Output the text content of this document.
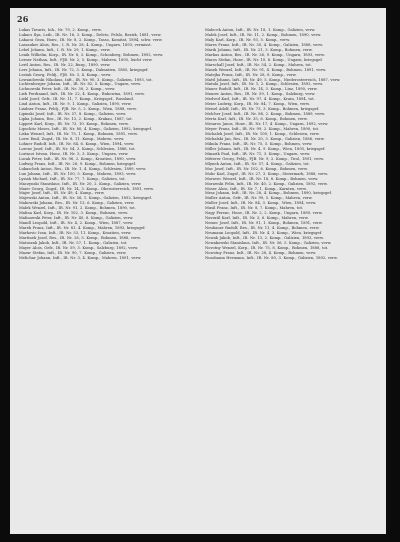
26

Lukas Tavaris, Inh., Nr. 79, 2. Komp., verw.

Lukacs Ilya, Lstb., IR. Nr. 16, 3. Komp., Deleto, Felslo, Bezirk, 1881, verw.

Lakacsi Geza, Honv., IR. Nr. 8, 2. Komp., Tasso, Komitat, 1894, schw. verw.

Lassauker Alois, Res., I. R. Nr. 28, 4. Komp., Ungarn, 1893, vermisst.

Lebel Johann, Inft., I. R. Nr. 29, 1. Komp., verw.

Lenik Wilhelm, Korp., IR. Nr. 8, 3. Komp., Schonberg, Bohmen, 1892, verw.

Lerner Nathan, Inft., FJB. Nr. 2, 5. Komp., Mahren, 1893, leicht verw.

Lertl Anton, Res., IR. Nr. 22, Burg., 1890, verw.

Lerz Johann, Inft., IR. Nr. 72, 3. Komp., Dalmatien, 1885, kriegsgef.

Lestak Georg, Feldj., FJB. Nr. 3, 4. Komp., verw.

Lewandowski Nikolaus, Inft., IR. Nr. 90, 3. Komp., Galizien, 1893, tot.

Lichtenberger Johann, Inft., IR. Nr. 82, 5. Komp., Ungarn, verw.

Lichnowski Peter, Inft., IR. Nr. 30, 2. Komp., verw.

Lieb Ferdinand, Inft., IR. Nr. 22, 4. Komp., Bukowina, 1891, verw.

Liebl Josef, Gefr., IR. Nr. 11, 7. Komp., Kriegsgef., Russland.

Lind Anton, Inft., IR. Nr. 9, 1. Komp., Galizien, 1890, verw.

Lindner Franz, Feldj., FJB. Nr. 5, 2. Komp., Wien, 1888, verw.

Lipinski Josef, Inft., IR. Nr. 57, 8. Komp., Galizien, verw.

Lipka Johann, Res., IR. Nr. 13, 2. Komp., Krakau, 1887, tot.

Lippert Karl, Korp., IR. Nr. 73, 10. Komp., Bohmen, verw.

Lipschitz Moses, Inft., IR. Nr. 80, 4. Komp., Galizien, 1892, kriegsgef.

Liska Wenzel, Inft., IR. Nr. 75, 1. Komp., Bohmen, 1891, verw.

Loew Emil, Zugsf., IR. Nr. 8, 11. Komp., Mahren, verw.

Lohner Rudolf, Inft., IR. Nr. 84, 6. Komp., Wien, 1894, verw.

Lorenz Josef, Inft., IR. Nr. 54, 3. Komp., Schlesien, 1886, tot.

Lorinczi Istvan, Honv., IR. Nr. 5, 3. Komp., Ungarn, verw.

Lucak Peter, Inft., IR. Nr. 96, 2. Komp., Kroatien, 1890, verw.

Ludwig Franz, Inft., IR. Nr. 28, 9. Komp., Bohmen, kriegsgef.

Lukaschek Anton, Res., IR. Nr. 1, 4. Komp., Schlesien, 1889, verw.

Lux Johann, Inft., IR. Nr. 100, 5. Komp., Mahren, 1893, verw.

Lysiak Michael, Inft., IR. Nr. 77, 7. Komp., Galizien, tot.

Maczynski Stanislaus, Inft., IR. Nr. 20, 2. Komp., Galizien, verw.

Maier Georg, Zugsf., IR. Nr. 14, 3. Komp., Oberosterreich, 1891, verw.

Majer Josef, Inft., IR. Nr. 49, 4. Komp., verw.

Majewski Anton, Inft., IR. Nr. 56, 1. Komp., Galizien, 1892, kriegsgef.

Makowski Johann, Res., IR. Nr. 13, 6. Komp., Galizien, verw.

Malek Wenzel, Inft., IR. Nr. 91, 2. Komp., Bohmen, 1890, tot.

Malina Karl, Korp., IR. Nr. 102, 3. Komp., Bohmen, verw.

Malinowski Peter, Inft., IR. Nr. 40, 8. Komp., Galizien, verw.

Mandl Leopold, Inft., IR. Nr. 4, 2. Komp., Wien, 1887, verw.

Marek Franz, Inft., IR. Nr. 81, 4. Komp., Mahren, 1893, kriegsgef.

Markovic Ivan, Inft., IR. Nr. 53, 11. Komp., Kroatien, verw.

Martinek Josef, Res., IR. Nr. 28, 5. Komp., Bohmen, 1888, verw.

Matuszak Jakob, Inft., IR. Nr. 57, 1. Komp., Galizien, tot.

Mayer Alois, Gefr., IR. Nr. 59, 3. Komp., Salzburg, 1892, verw.

Mazur Stefan, Inft., IR. Nr. 90, 7. Komp., Galizien, verw.

Melichar Johann, Inft., IR. Nr. 3, 4. Komp., Mahren, 1891, verw.

Malecek Anton, Inft., IR. Nr. 18, 1. Komp., Galizien, verw.

Malek Josef, Inft., IR. Nr. 11, 2. Komp., Bohmen, 1890, verw.

Maly Karl, Korp., IR. Nr. 93, 5. Komp., verw.

Mares Franz, Inft., IR. Nr. 30, 4. Komp., Galizien, 1888, verw.

Marik Johann, Inft., IR. Nr. 21, 3. Komp., Bohmen, verw.

Markus Anton, Res., IR. Nr. 26, 9. Komp., Ungarn, 1893, verw.

Maros Stefan, Honv., IR. Nr. 10, 6. Komp., Ungarn, kriegsgef.

Marschall Josef, Inft., IR. Nr. 54, 2. Komp., Mahren, tot.

Masek Wenzel, Inft., IR. Nr. 91, 4. Komp., Bohmen, 1891, verw.

Matejka Franz, Inft., IR. Nr. 28, 8. Komp., verw.

Mattl Johann, Inft., IR. Nr. 49, 5. Komp., Niederosterreich, 1887, verw.

Matula Josef, Inft., IR. Nr. 1, 2. Komp., Schlesien, 1892, verw.

Mauer Rudolf, Inft., IR. Nr. 14, 3. Komp., Linz, 1890, verw.

Maurer Anton, Res., IR. Nr. 59, 1. Komp., Salzburg, verw.

Medved Karl, Inft., IR. Nr. 97, 4. Komp., Krain, 1894, tot.

Meier Ludwig, Korp., IR. Nr. 84, 7. Komp., Wien, verw.

Meisel Adolf, Inft., IR. Nr. 73, 3. Komp., Bohmen, kriegsgef.

Melcher Josef, Inft., IR. Nr. 88, 2. Komp., Bohmen, 1889, verw.

Merta Karl, Inft., IR. Nr. 35, 6. Komp., Bohmen, verw.

Mesaros Janos, Honv., IR. Nr. 17, 4. Komp., Ungarn, 1892, verw.

Meyer Franz, Inft., IR. Nr. 99, 2. Komp., Mahren, 1890, tot.

Michalek Josef, Inft., IR. Nr. 100, 1. Komp., Schlesien, verw.

Michalski Jan, Res., IR. Nr. 20, 3. Komp., Galizien, 1886, verw.

Mikula Franz, Inft., IR. Nr. 75, 5. Komp., Bohmen, verw.

Miller Johann, Inft., IR. Nr. 4, 9. Komp., Wien, 1893, kriegsgef.

Minarik Paul, Inft., IR. Nr. 71, 3. Komp., Ungarn, verw.

Mitterer Georg, Feldj., FJB. Nr. 9, 2. Komp., Tirol, 1891, verw.

Mlynek Anton, Inft., IR. Nr. 57, 4. Komp., Galizien, tot.

Moc Josef, Inft., IR. Nr. 102, 6. Komp., Bohmen, verw.

Mohr Karl, Zugsf., IR. Nr. 27, 3. Komp., Steiermark, 1888, verw.

Moravec Wenzel, Inft., IR. Nr. 18, 8. Komp., Bohmen, verw.

Morawski Felix, Inft., IR. Nr. 40, 2. Komp., Galizien, 1892, verw.

Moser Alois, Inft., IR. Nr. 7, 1. Komp., Karnten, verw.

Mraz Johann, Inft., IR. Nr. 28, 4. Komp., Bohmen, 1890, kriegsgef.

Muller Anton, Gefr., IR. Nr. 99, 5. Komp., Mahren, verw.

Muller Josef, Inft., IR. Nr. 84, 3. Komp., Wien, 1894, verw.

Musil Franz, Inft., IR. Nr. 8, 7. Komp., Mahren, tot.

Nagy Ferenc, Honv., IR. Nr. 2, 2. Komp., Ungarn, 1889, verw.

Navratil Karl, Inft., IR. Nr. 3, 6. Komp., Mahren, verw.

Nemec Josef, Inft., IR. Nr. 91, 1. Komp., Bohmen, 1891, verw.

Neubauer Rudolf, Res., IR. Nr. 11, 4. Komp., Bohmen, verw.

Neumann Leopold, Inft., IR. Nr. 4, 3. Komp., Wien, kriegsgef.

Nowak Jakob, Inft., IR. Nr. 13, 2. Komp., Galizien, 1893, verw.

Nowakowski Stanislaus, Inft., IR. Nr. 56, 5. Komp., Galizien, verw.

Novotny Wenzel, Korp., IR. Nr. 75, 8. Komp., Bohmen, 1888, tot.

Nowotny Franz, Inft., IR. Nr. 28, 4. Komp., Bohmen, verw.

Nussbaum Hermann, Inft., IR. Nr. 80, 3. Komp., Galizien, 1892, verw.
